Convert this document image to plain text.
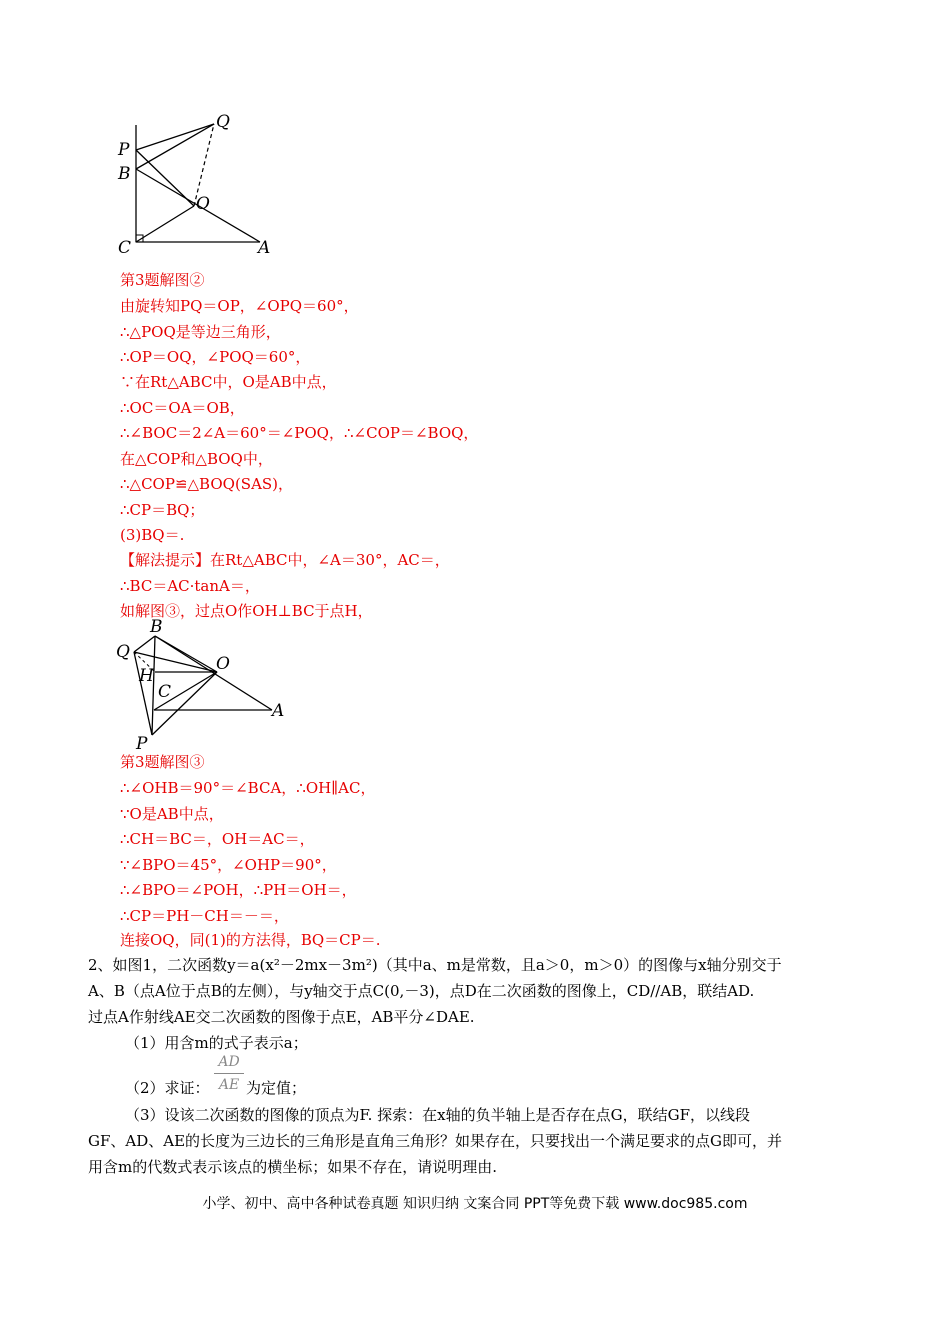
Q
P
B
O
C	A
第3题解图②
由旋转知PQ＝OP，∠OPQ＝60°，
∴△POQ是等边三角形，
∴OP＝OQ，∠POQ＝60°，
∵在Rt△ABC中，O是AB中点，
∴OC＝OA＝OB，
∴∠BOC＝2∠A＝60°＝∠POQ，∴∠COP＝∠BOQ，
在△COP和△BOQ中，
∴△COP≌△BOQ(SAS)，
∴CP＝BQ；
(3)BQ＝.
【解法提示】在Rt△ABC中，∠A＝30°，AC＝，
∴BC＝AC·tanA＝，
如解图③，过点O作OH⊥BC于点H，
B
Q
O
H
C
A
P
第3题解图③
∴∠OHB＝90°＝∠BCA，∴OH∥AC，
∵O是AB中点，
∴CH＝BC＝，OH＝AC＝，
∵∠BPO＝45°，∠OHP＝90°，
∴∠BPO＝∠POH，∴PH＝OH＝，
∴CP＝PH－CH＝－＝，
连接OQ，同(1)的方法得，BQ＝CP＝.
2、如图1，二次函数y＝a(x²－2mx－3m²)（其中a、m是常数，且a＞0，m＞0）的图像与x轴分别交于
A、B（点A位于点B的左侧），与y轴交于点C(0,－3)，点D在二次函数的图像上，CD//AB，联结AD.
过点A作射线AE交二次函数的图像于点E，AB平分∠DAE.
（1）用含m的式子表示a；
（2）求证：
AD
AE 为定值；
（3）设该二次函数的图像的顶点为F. 探索：在x轴的负半轴上是否存在点G，联结GF，以线段
GF、AD、AE的长度为三边长的三角形是直角三角形？如果存在，只要找出一个满足要求的点G即可，并
用含m的代数式表示该点的横坐标；如果不存在，请说明理由.
小学、初中、高中各种试卷真题 知识归纳 文案合同 PPT等免费下载 www.doc985.com
